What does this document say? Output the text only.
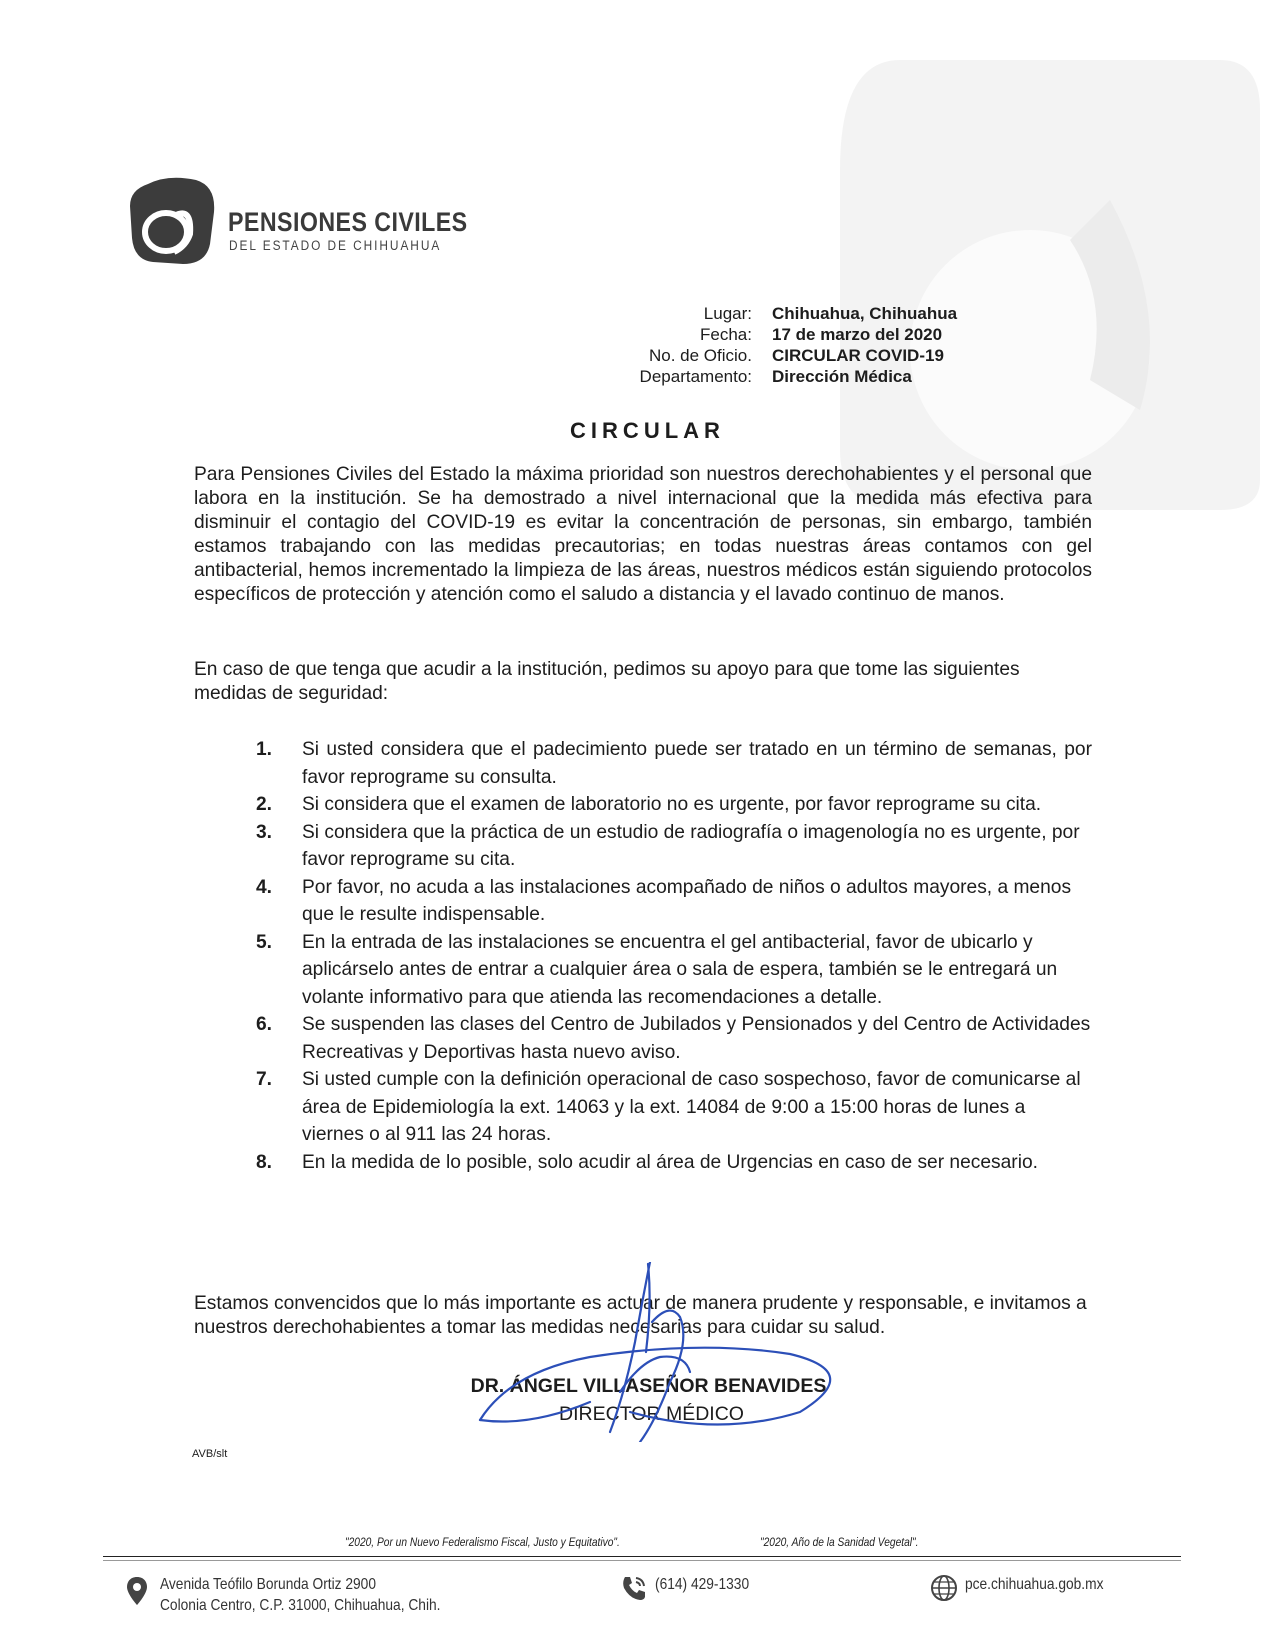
PENSIONES CIVILES
DEL ESTADO DE CHIHUAHUA
Lugar:	Chihuahua, Chihuahua
Fecha:	17 de marzo del 2020
No. de Oficio.	CIRCULAR COVID-19
Departamento:	Dirección Médica
CIRCULAR

Para Pensiones Civiles del Estado la máxima prioridad son nuestros derechohabientes y el personal que labora en la institución. Se ha demostrado a nivel internacional que la medida más efectiva para disminuir el contagio del COVID-19 es evitar la concentración de personas, sin embargo, también estamos trabajando con las medidas precautorias; en todas nuestras áreas contamos con gel antibacterial, hemos incrementado la limpieza de las áreas, nuestros médicos están siguiendo protocolos específicos de protección y atención como el saludo a distancia y el lavado continuo de manos.

En caso de que tenga que acudir a la institución, pedimos su apoyo para que tome las siguientes medidas de seguridad:

1.	Si usted considera que el padecimiento puede ser tratado en un término de semanas, por favor reprograme su consulta.
2.	Si considera que el examen de laboratorio no es urgente, por favor reprograme su cita.
3.	Si considera que la práctica de un estudio de radiografía o imagenología no es urgente, por favor reprograme su cita.
4.	Por favor, no acuda a las instalaciones acompañado de niños o adultos mayores, a menos que le resulte indispensable.
5.	En la entrada de las instalaciones se encuentra el gel antibacterial, favor de ubicarlo y aplicárselo antes de entrar a cualquier área o sala de espera, también se le entregará un volante informativo para que atienda las recomendaciones a detalle.
6.	Se suspenden las clases del Centro de Jubilados y Pensionados y del Centro de Actividades Recreativas y Deportivas hasta nuevo aviso.
7.	Si usted cumple con la definición operacional de caso sospechoso, favor de comunicarse al área de Epidemiología la ext. 14063 y la ext. 14084 de 9:00 a 15:00 horas de lunes a viernes o al 911 las 24 horas.
8.	En la medida de lo posible, solo acudir al área de Urgencias en caso de ser necesario.

Estamos convencidos que lo más importante es actuar de manera prudente y responsable, e invitamos a nuestros derechohabientes a tomar las medidas necesarias para cuidar su salud.

DR. ÁNGEL VILLASEÑOR BENAVIDES
DIRECTOR MÉDICO
AVB/slt
"2020, Por un Nuevo Federalismo Fiscal, Justo y Equitativo".	"2020, Año de la Sanidad Vegetal".
Avenida Teófilo Borunda Ortiz 2900
Colonia Centro, C.P. 31000, Chihuahua, Chih.
(614) 429-1330	pce.chihuahua.gob.mx
